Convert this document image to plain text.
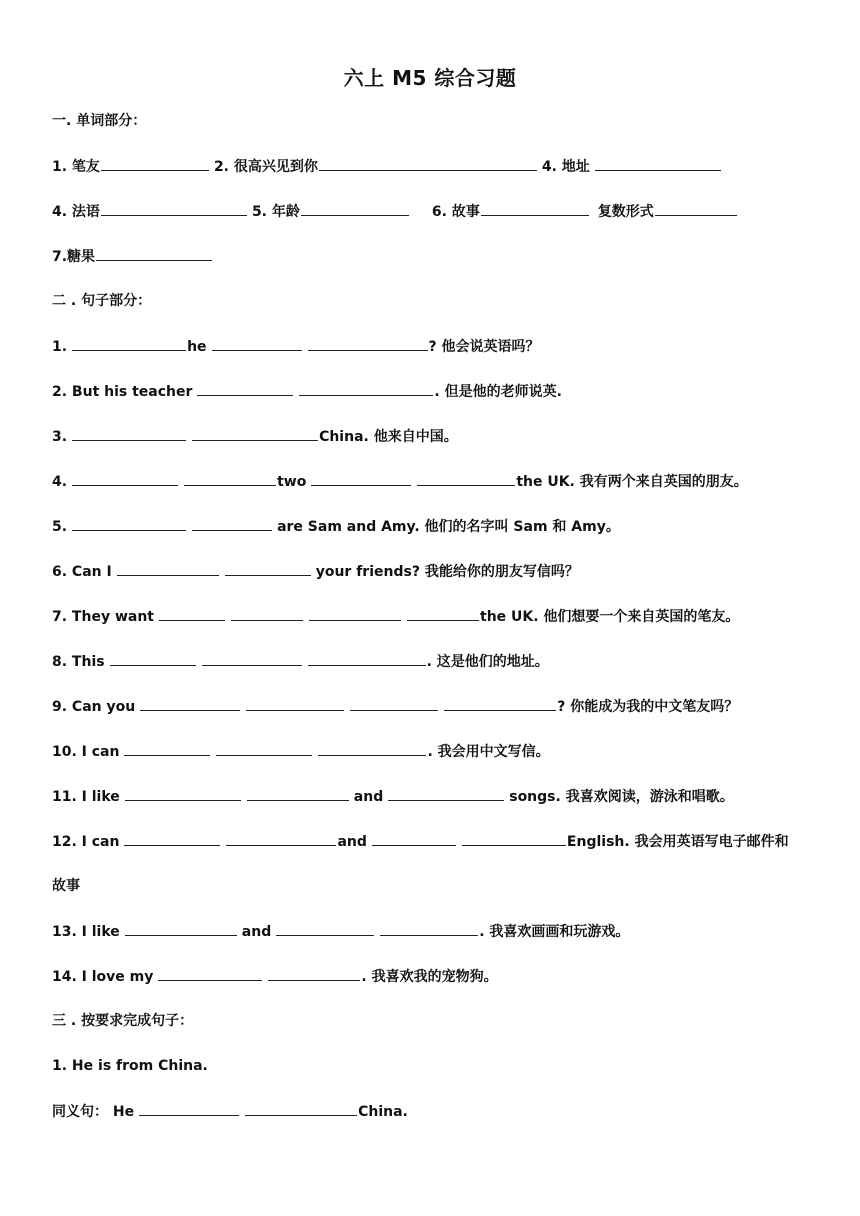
六上 M5 综合习题
一. 单词部分：
1. 笔友	2. 很高兴见到你	4. 地址
4. 法语	5. 年龄	6. 故事	复数形式
7.糖果
二 . 句子部分：
1.	he	? 他会说英语吗？
2. But his teacher	. 但是他的老师说英.
3.	China. 他来自中国。
4.	two	the UK. 我有两个来自英国的朋友。
5.	are Sam and Amy. 他们的名字叫 Sam 和 Amy。
6. Can I	your friends? 我能给你的朋友写信吗？
7. They want	the UK. 他们想要一个来自英国的笔友。
8. This	. 这是他们的地址。
9. Can you	? 你能成为我的中文笔友吗？
10. I can	. 我会用中文写信。
11. I like	and	songs. 我喜欢阅读，游泳和唱歌。
12. I can	and	English. 我会用英语写电子邮件和
故事
13. I like	and	. 我喜欢画画和玩游戏。
14. I love my	. 我喜欢我的宠物狗。
三 . 按要求完成句子：
1. He is from China.
同义句： He	China.
